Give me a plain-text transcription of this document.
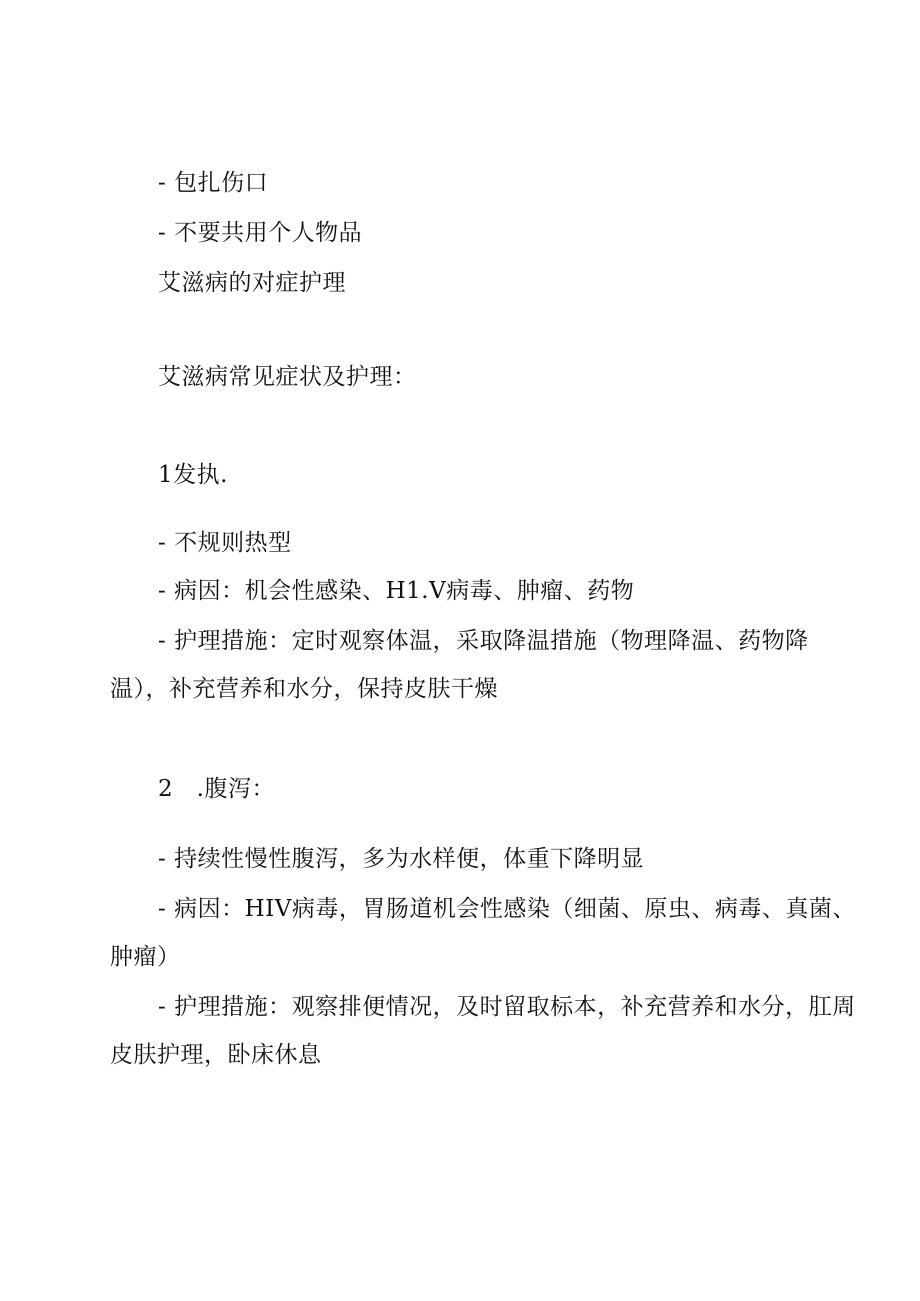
- 包扎伤口
- 不要共用个人物品
艾滋病的对症护理
艾滋病常见症状及护理：
1发执.
- 不规则热型
- 病因：机会性感染、H1.V病毒、肿瘤、药物
- 护理措施：定时观察体温，采取降温措施（物理降温、药物降
温），补充营养和水分，保持皮肤干燥
2　.腹泻：
- 持续性慢性腹泻，多为水样便，体重下降明显
- 病因：HIV病毒，胃肠道机会性感染（细菌、原虫、病毒、真菌、
肿瘤）
- 护理措施：观察排便情况，及时留取标本，补充营养和水分，肛周
皮肤护理，卧床休息
